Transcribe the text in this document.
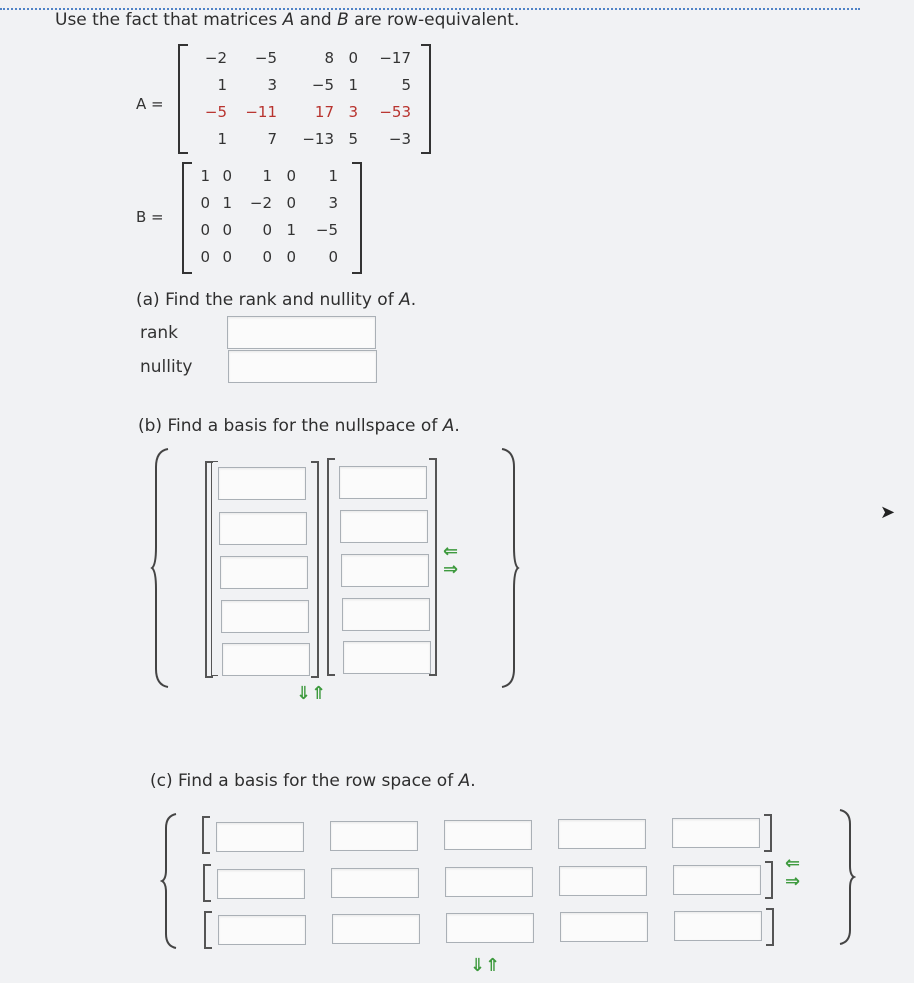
Use the fact that matrices A and B are row-equivalent.
A =
−2	−5	8	0	−17
1	3	−5	1	5
−5	−11	17	3	−53
1	7	−13	5	−3
B =
1	0	1	0	1
0	1	−2	0	3
0	0	0	1	−5
0	0	0	0	0
(a) Find the rank and nullity of A.
rank
nullity
(b) Find a basis for the nullspace of A.
⇐⇒
⇓⇑
➤
(c) Find a basis for the row space of A.
⇐⇒
⇓⇑
